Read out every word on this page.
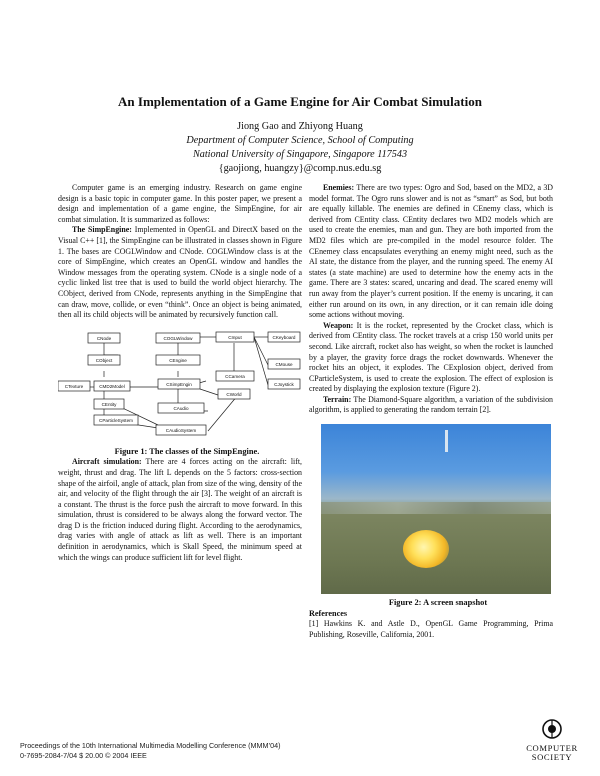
An Implementation of a Game Engine for Air Combat Simulation
Jiong Gao and Zhiyong Huang
Department of Computer Science, School of Computing
National University of Singapore, Singapore 117543
{gaojiong, huangzy}@comp.nus.edu.sg

Computer game is an emerging industry. Research on game engine design is a basic topic in computer game. In this poster paper, we present a design and implementation of a game engine, the SimpEngine, for air combat simulation. It is summarized as follows:

The SimpEngine: Implemented in OpenGL and DirectX based on the Visual C++ [1], the SimpEngine can be illustrated in classes shown in Figure 1. The bases are COGLWindow and CNode. COGLWindow class is at the core of SimpEngine, which creates an OpenGL window and handles the Window messages from the operating system. CNode is a single node of a cyclic linked list tree that is used to build the world object hierarchy. The CObject, derived from CNode, represents anything in the SimpEngine that can draw, move, collide, or even “think”. Once an object is being animated, then all its child objects will be animated by recursively function call.

CNode	COGLWindow	CInput	CKeyboard
CObject	CEngine
CMouse
CCamera
CJoystick
CTexture	CMD2Model	CSimpEngin
CWorld
CEntity
CAudio
CParticleSystem
CAudioSystem

Figure 1: The classes of the SimpEngine.

Aircraft simulation: There are 4 forces acting on the aircraft: lift, weight, thrust and drag. The lift L depends on the 5 factors: cross-section shape of the airfoil, angle of attack, plan from size of the wing, density of the air, and velocity of the flight through the air [3]. The weight of an aircraft is a constant. The thrust is the force push the aircraft to move forward. In this simulation, thrust is considered to be always along the forward vector. The drag D is the friction induced during flight. According to the aerodynamics, drag varies with angle of attack as lift as well. There is an important definition in aerodynamics, which is Skall Speed, the minimum speed at which the wings can produce sufficient lift for level flight.

Enemies: There are two types: Ogro and Sod, based on the MD2, a 3D model format. The Ogro runs slower and is not as “smart” as Sod, but both are equally killable. The enemies are defined in CEnemy class, which is derived from CEntity class. CEntity declares two MD2 models which are used to create the enemies, man and gun. They are both imported from the MD2 files which are pre-compiled in the model resource folder. The CEnemey class encapsulates everything an enemy might need, such as the AI state, the distance from the player, and the running speed. The enemy AI states (a state machine) are used to determine how the enemy acts in the game. There are 3 states: scared, uncaring and dead. The scared enemy will run away from the player’s current position. If the enemy is uncaring, it can either run around on its own, in any direction, or it can remain idle doing some actions without moving.

Weapon: It is the rocket, represented by the Crocket class, which is derived from CEntity class. The rocket travels at a crisp 150 world units per second. Like aircraft, rocket also has weight, so when the rocket is launched by a player, the gravity force drags the rocket downwards. Whenever the rocket hits an object, it explodes. The CExplosion object, derived from CParticleSystem, is used to create the explosion. The effect of explosion is created by displaying the explosion texture (Figure 2).

Terrain: The Diamond-Square algorithm, a variation of the subdivision algorithm, is applied to generating the random terrain [2].

Figure 2: A screen snapshot

References

[1] Hawkins K. and Astle D., OpenGL Game Programming, Prima Publishing, Roseville, California, 2001.

Proceedings of the 10th International Multimedia Modelling Conference (MMM’04)
0-7695-2084-7/04 $ 20.00 © 2004 IEEE
COMPUTER
SOCIETY
